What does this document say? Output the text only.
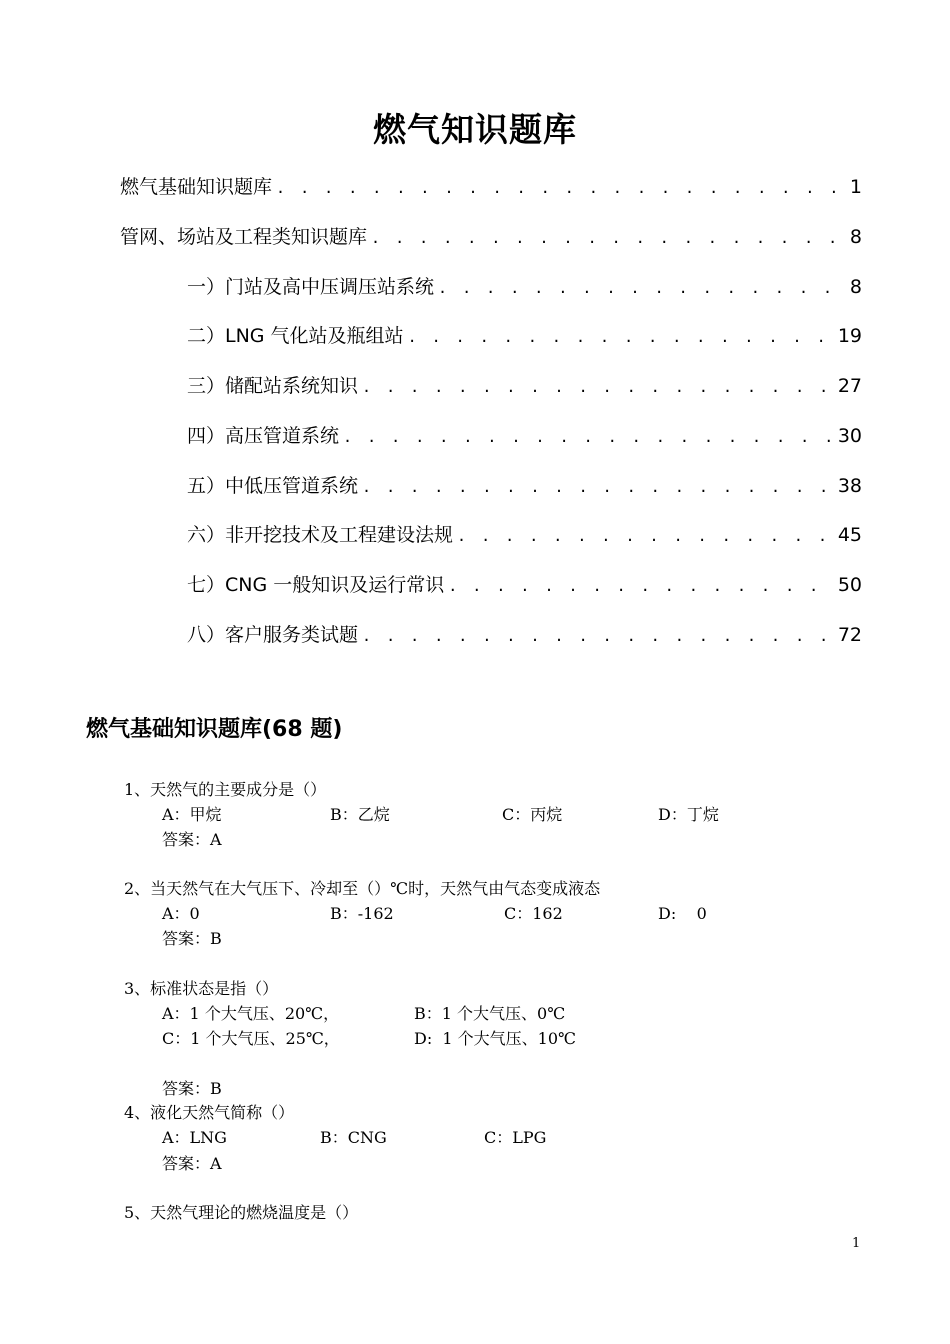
燃气知识题库
燃气基础知识题库 . . .	1
管网、场站及工程类知识题库 . . .	8
一）门站及高中压调压站系统 . . .	8
二）LNG 气化站及瓶组站 . . .	19
三）储配站系统知识 . . .	27
四）高压管道系统 . . .	30
五）中低压管道系统 . . .	38
六）非开挖技术及工程建设法规 . . .	45
七）CNG 一般知识及运行常识 . . .	50
八）客户服务类试题 . . .	72
燃气基础知识题库(68 题)
1、天然气的主要成分是（）
A：甲烷	B：乙烷	C：丙烷	D：丁烷
答案：A
2、当天然气在大气压下、冷却至（）℃时，天然气由气态变成液态
A：0	B：-162	C：162	D:    0
答案：B
3、标准状态是指（）
A：1 个大气压、20℃，	B：1 个大气压、0℃
C：1 个大气压、25℃，	D:  1 个大气压、10℃
答案：B
4、液化天然气简称（）
A：LNG	B：CNG	C：LPG
答案：A
5、天然气理论的燃烧温度是（）
1
